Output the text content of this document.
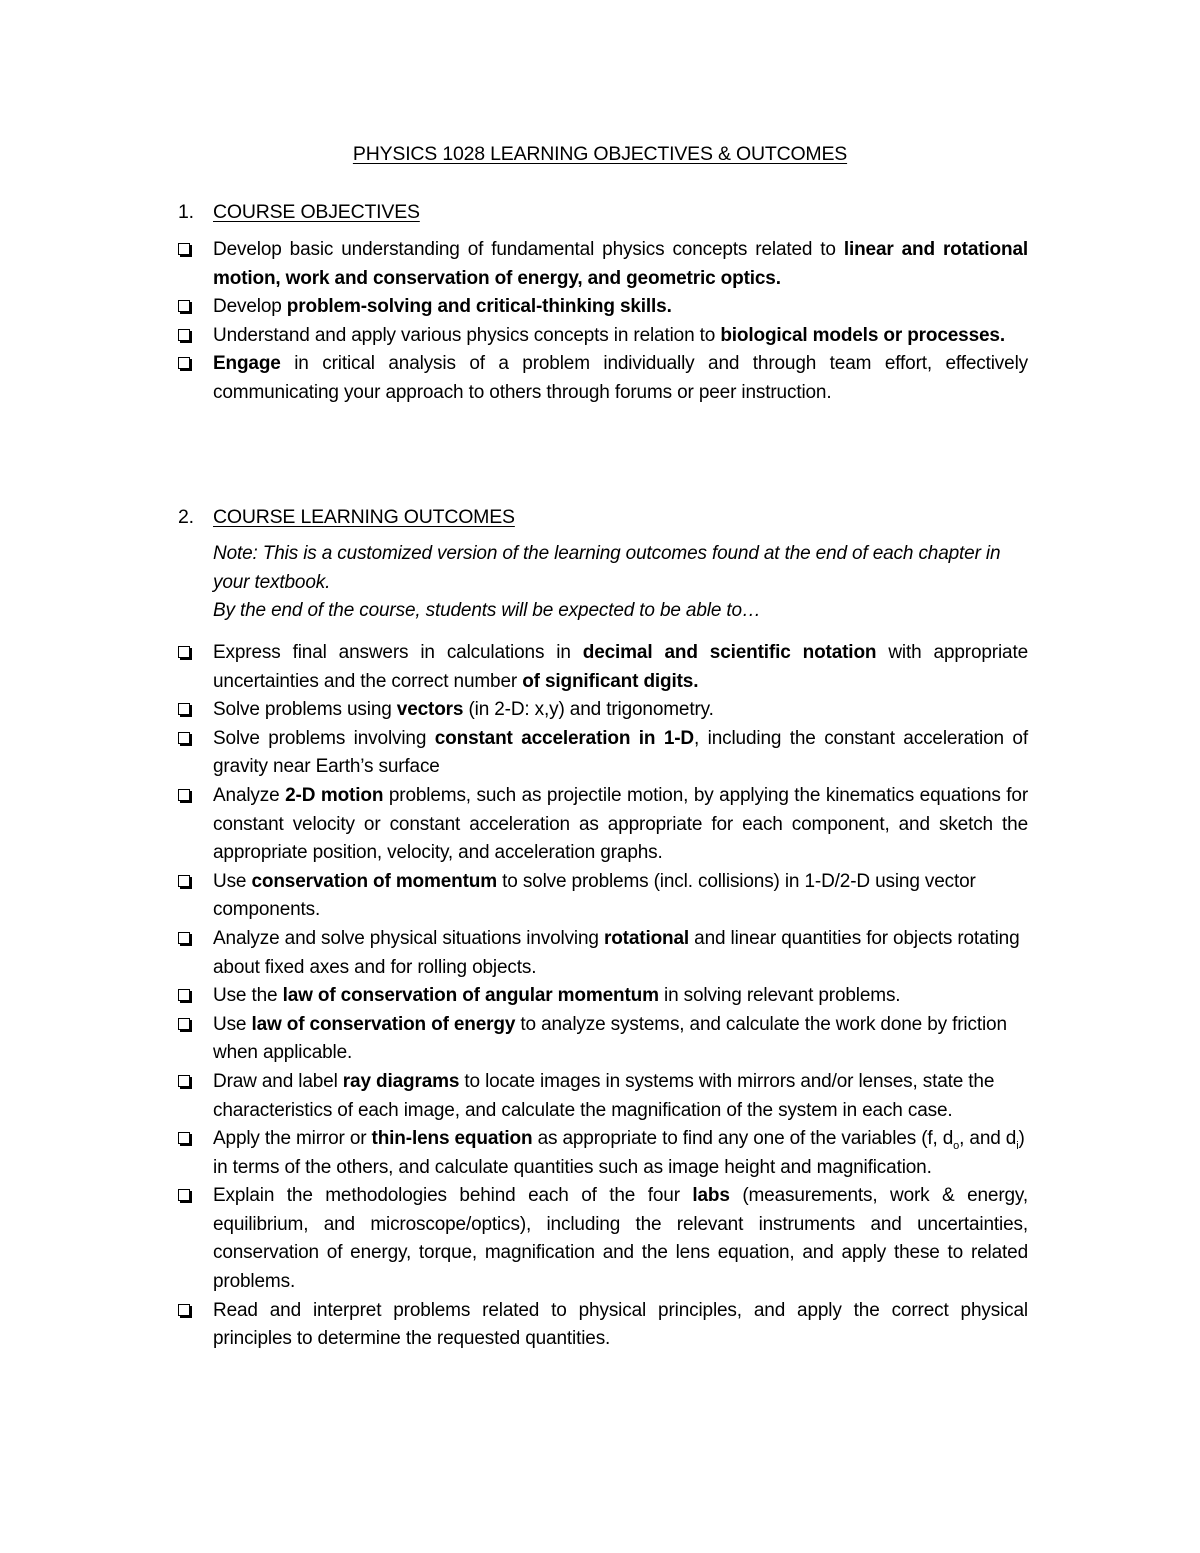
PHYSICS 1028 LEARNING OBJECTIVES & OUTCOMES
1. COURSE OBJECTIVES
Develop basic understanding of fundamental physics concepts related to linear and rotational motion, work and conservation of energy, and geometric optics.
Develop problem-solving and critical-thinking skills.
Understand and apply various physics concepts in relation to biological models or processes.
Engage in critical analysis of a problem individually and through team effort, effectively communicating your approach to others through forums or peer instruction.
2. COURSE LEARNING OUTCOMES
Note: This is a customized version of the learning outcomes found at the end of each chapter in your textbook.
By the end of the course, students will be expected to be able to…
Express final answers in calculations in decimal and scientific notation with appropriate uncertainties and the correct number of significant digits.
Solve problems using vectors (in 2-D: x,y) and trigonometry.
Solve problems involving constant acceleration in 1-D, including the constant acceleration of gravity near Earth’s surface
Analyze 2-D motion problems, such as projectile motion, by applying the kinematics equations for constant velocity or constant acceleration as appropriate for each component, and sketch the appropriate position, velocity, and acceleration graphs.
Use conservation of momentum to solve problems (incl. collisions) in 1-D/2-D using vector components.
Analyze and solve physical situations involving rotational and linear quantities for objects rotating about fixed axes and for rolling objects.
Use the law of conservation of angular momentum in solving relevant problems.
Use law of conservation of energy to analyze systems, and calculate the work done by friction when applicable.
Draw and label ray diagrams to locate images in systems with mirrors and/or lenses, state the characteristics of each image, and calculate the magnification of the system in each case.
Apply the mirror or thin-lens equation as appropriate to find any one of the variables (f, $d_o$, and $d_i$) in terms of the others, and calculate quantities such as image height and magnification.
Explain the methodologies behind each of the four labs (measurements, work & energy, equilibrium, and microscope/optics), including the relevant instruments and uncertainties, conservation of energy, torque, magnification and the lens equation, and apply these to related problems.
Read and interpret problems related to physical principles, and apply the correct physical principles to determine the requested quantities.
